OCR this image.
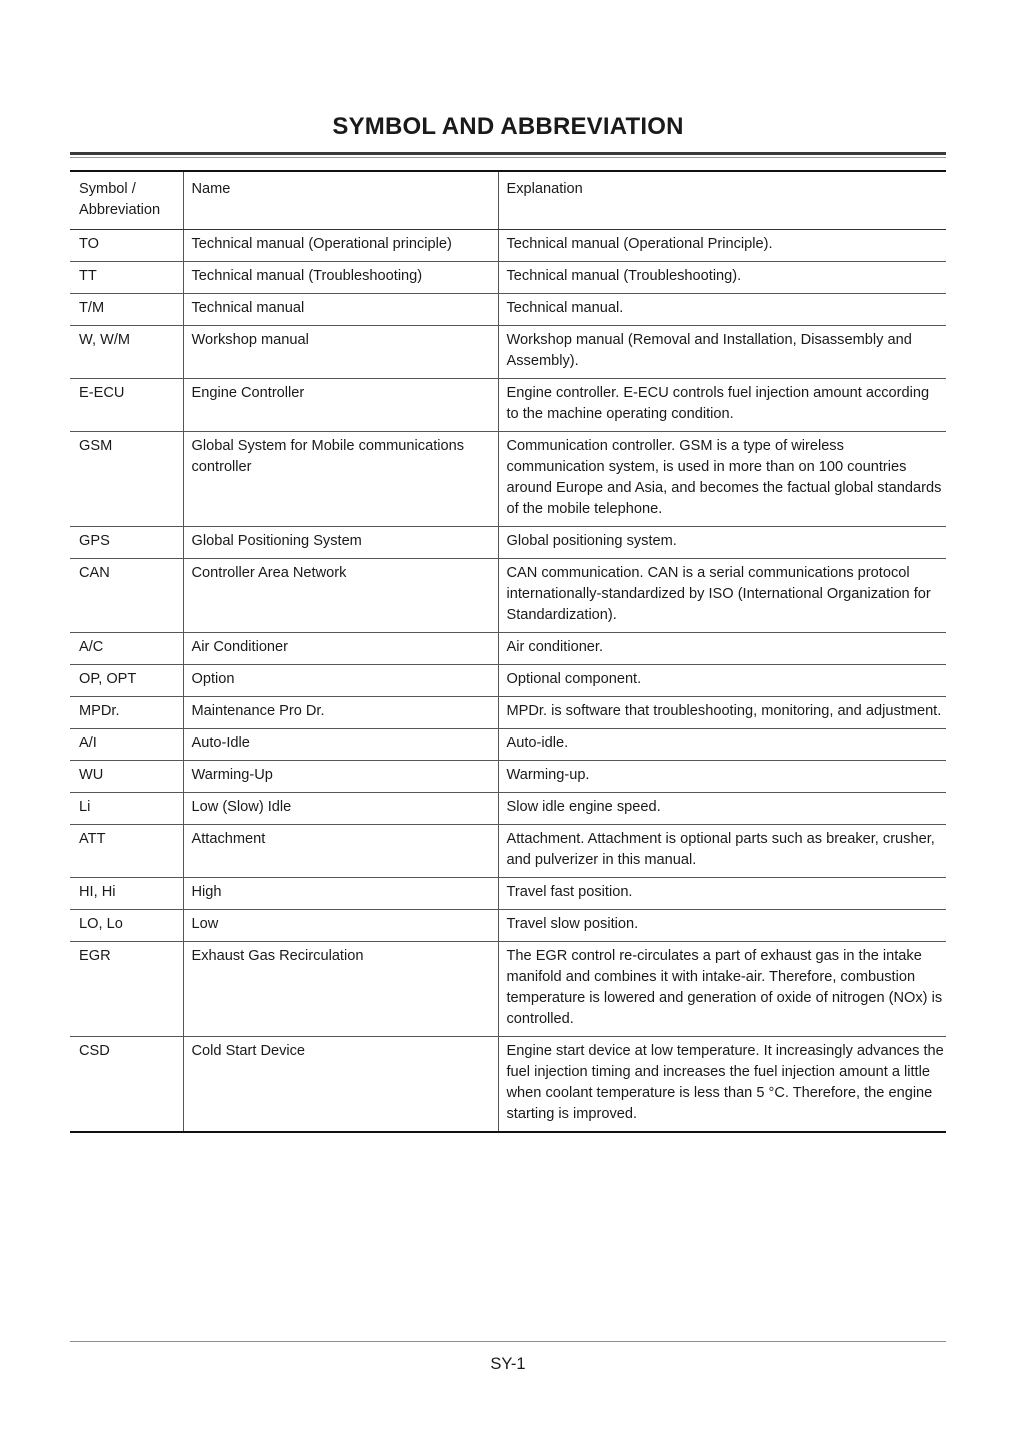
SYMBOL AND ABBREVIATION
Symbol /
Abbreviation	Name	Explanation
TO	Technical manual (Operational principle)	Technical manual (Operational Principle).
TT	Technical manual (Troubleshooting)	Technical manual (Troubleshooting).
T/M	Technical manual	Technical manual.
W, W/M	Workshop manual	Workshop manual (Removal and Installation, Disassembly and Assembly).
E-ECU	Engine Controller	Engine controller. E-ECU controls fuel injection amount according to the machine operating condition.
GSM	Global System for Mobile communications controller	Communication controller. GSM is a type of wireless communication system, is used in more than on 100 countries around Europe and Asia, and becomes the factual global standards of the mobile telephone.
GPS	Global Positioning System	Global positioning system.
CAN	Controller Area Network	CAN communication. CAN is a serial communications protocol internationally-standardized by ISO (International Organization for Standardization).
A/C	Air Conditioner	Air conditioner.
OP, OPT	Option	Optional component.
MPDr.	Maintenance Pro Dr.	MPDr. is software that troubleshooting, monitoring, and adjustment.
A/I	Auto-Idle	Auto-idle.
WU	Warming-Up	Warming-up.
Li	Low (Slow) Idle	Slow idle engine speed.
ATT	Attachment	Attachment. Attachment is optional parts such as breaker, crusher, and pulverizer in this manual.
HI, Hi	High	Travel fast position.
LO, Lo	Low	Travel slow position.
EGR	Exhaust Gas Recirculation	The EGR control re-circulates a part of exhaust gas in the intake manifold and combines it with intake-air. Therefore, combustion temperature is lowered and generation of oxide of nitrogen (NOx) is controlled.
CSD	Cold Start Device	Engine start device at low temperature. It increasingly advances the fuel injection timing and increases the fuel injection amount a little when coolant temperature is less than 5 °C. Therefore, the engine starting is improved.
SY-1
